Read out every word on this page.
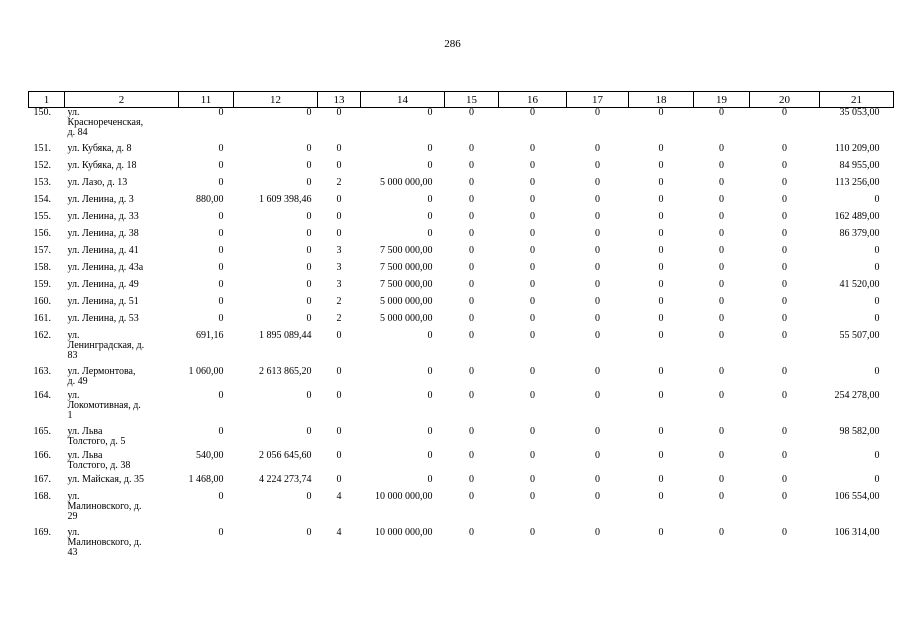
286
1	2	11	12	13	14	15	16	17	18	19	20	21
150.	ул.
Краснореченская,
д. 84	0	0	0	0	0	0	0	0	0	0	35 053,00
151.	ул. Кубяка, д. 8	0	0	0	0	0	0	0	0	0	0	110 209,00
152.	ул. Кубяка, д. 18	0	0	0	0	0	0	0	0	0	0	84 955,00
153.	ул. Лазо, д. 13	0	0	2	5 000 000,00	0	0	0	0	0	0	113 256,00
154.	ул. Ленина, д. 3	880,00	1 609 398,46	0	0	0	0	0	0	0	0	0
155.	ул. Ленина, д. 33	0	0	0	0	0	0	0	0	0	0	162 489,00
156.	ул. Ленина, д. 38	0	0	0	0	0	0	0	0	0	0	86 379,00
157.	ул. Ленина, д. 41	0	0	3	7 500 000,00	0	0	0	0	0	0	0
158.	ул. Ленина, д. 43а	0	0	3	7 500 000,00	0	0	0	0	0	0	0
159.	ул. Ленина, д. 49	0	0	3	7 500 000,00	0	0	0	0	0	0	41 520,00
160.	ул. Ленина, д. 51	0	0	2	5 000 000,00	0	0	0	0	0	0	0
161.	ул. Ленина, д. 53	0	0	2	5 000 000,00	0	0	0	0	0	0	0
162.	ул.
Ленинградская, д.
83	691,16	1 895 089,44	0	0	0	0	0	0	0	0	55 507,00
163.	ул. Лермонтова,
д. 49	1 060,00	2 613 865,20	0	0	0	0	0	0	0	0	0
164.	ул.
Локомотивная, д.
1	0	0	0	0	0	0	0	0	0	0	254 278,00
165.	ул. Льва
Толстого, д. 5	0	0	0	0	0	0	0	0	0	0	98 582,00
166.	ул. Льва
Толстого, д. 38	540,00	2 056 645,60	0	0	0	0	0	0	0	0	0
167.	ул. Майская, д. 35	1 468,00	4 224 273,74	0	0	0	0	0	0	0	0	0
168.	ул.
Малиновского, д.
29	0	0	4	10 000 000,00	0	0	0	0	0	0	106 554,00
169.	ул.
Малиновского, д.
43	0	0	4	10 000 000,00	0	0	0	0	0	0	106 314,00
